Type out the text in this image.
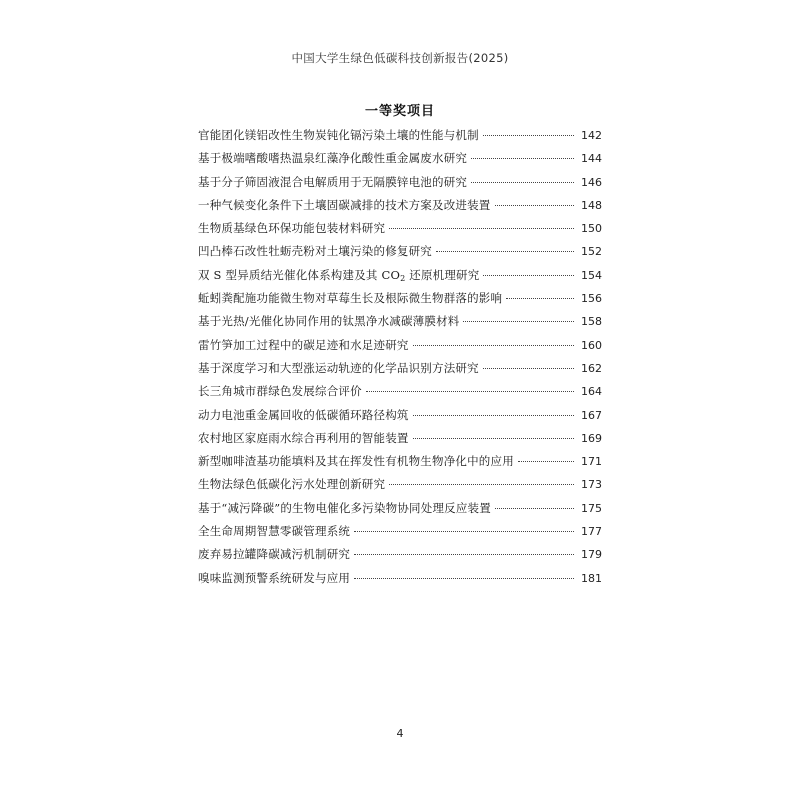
中国大学生绿色低碳科技创新报告(2025)
一等奖项目
官能团化镁铝改性生物炭钝化镉污染土壤的性能与机制	142
基于极端嗜酸嗜热温泉红藻净化酸性重金属废水研究	144
基于分子筛固液混合电解质用于无隔膜锌电池的研究	146
一种气候变化条件下土壤固碳减排的技术方案及改进装置	148
生物质基绿色环保功能包装材料研究	150
凹凸棒石改性牡蛎壳粉对土壤污染的修复研究	152
双 S 型异质结光催化体系构建及其 $CO_2$ 还原机理研究	154
蚯蚓粪配施功能微生物对草莓生长及根际微生物群落的影响	156
基于光热/光催化协同作用的钛黑净水减碳薄膜材料	158
雷竹笋加工过程中的碳足迹和水足迹研究	160
基于深度学习和大型涨运动轨迹的化学品识别方法研究	162
长三角城市群绿色发展综合评价	164
动力电池重金属回收的低碳循环路径构筑	167
农村地区家庭雨水综合再利用的智能装置	169
新型咖啡渣基功能填料及其在挥发性有机物生物净化中的应用	171
生物法绿色低碳化污水处理创新研究	173
基于“减污降碳”的生物电催化多污染物协同处理反应装置	175
全生命周期智慧零碳管理系统	177
废弃易拉罐降碳减污机制研究	179
嗅味监测预警系统研发与应用	181
4
